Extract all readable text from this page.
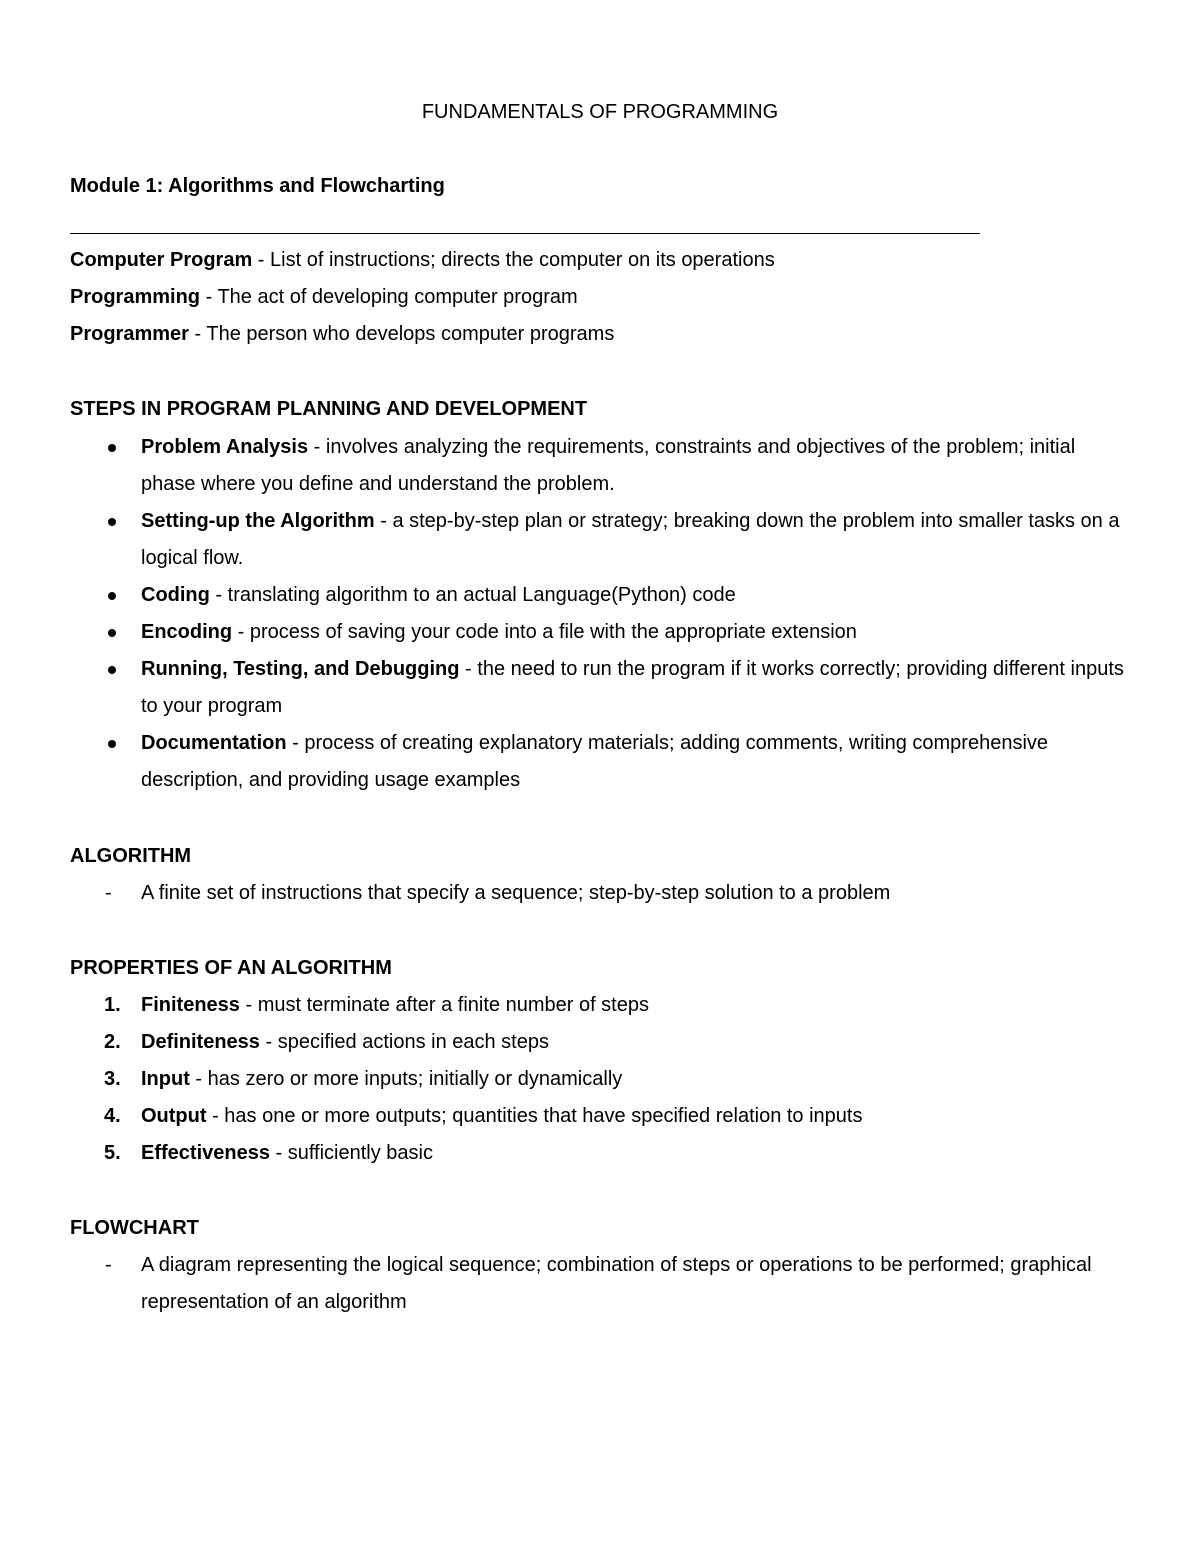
FUNDAMENTALS OF PROGRAMMING
Module 1: Algorithms and Flowcharting

Computer Program - List of instructions; directs the computer on its operations

Programming - The act of developing computer program

Programmer - The person who develops computer programs

STEPS IN PROGRAM PLANNING AND DEVELOPMENT
Problem Analysis - involves analyzing the requirements, constraints and objectives of the problem; initial phase where you define and understand the problem.
Setting-up the Algorithm - a step-by-step plan or strategy; breaking down the problem into smaller tasks on a logical flow.
Coding - translating algorithm to an actual Language(Python) code
Encoding - process of saving your code into a file with the appropriate extension
Running, Testing, and Debugging - the need to run the program if it works correctly; providing different inputs to your program
Documentation - process of creating explanatory materials; adding comments, writing comprehensive description, and providing usage examples
ALGORITHM
- A finite set of instructions that specify a sequence; step-by-step solution to a problem
PROPERTIES OF AN ALGORITHM
1. Finiteness - must terminate after a finite number of steps
2. Definiteness - specified actions in each steps
3. Input - has zero or more inputs; initially or dynamically
4. Output - has one or more outputs; quantities that have specified relation to inputs
5. Effectiveness - sufficiently basic
FLOWCHART
- A diagram representing the logical sequence; combination of steps or operations to be performed; graphical representation of an algorithm
